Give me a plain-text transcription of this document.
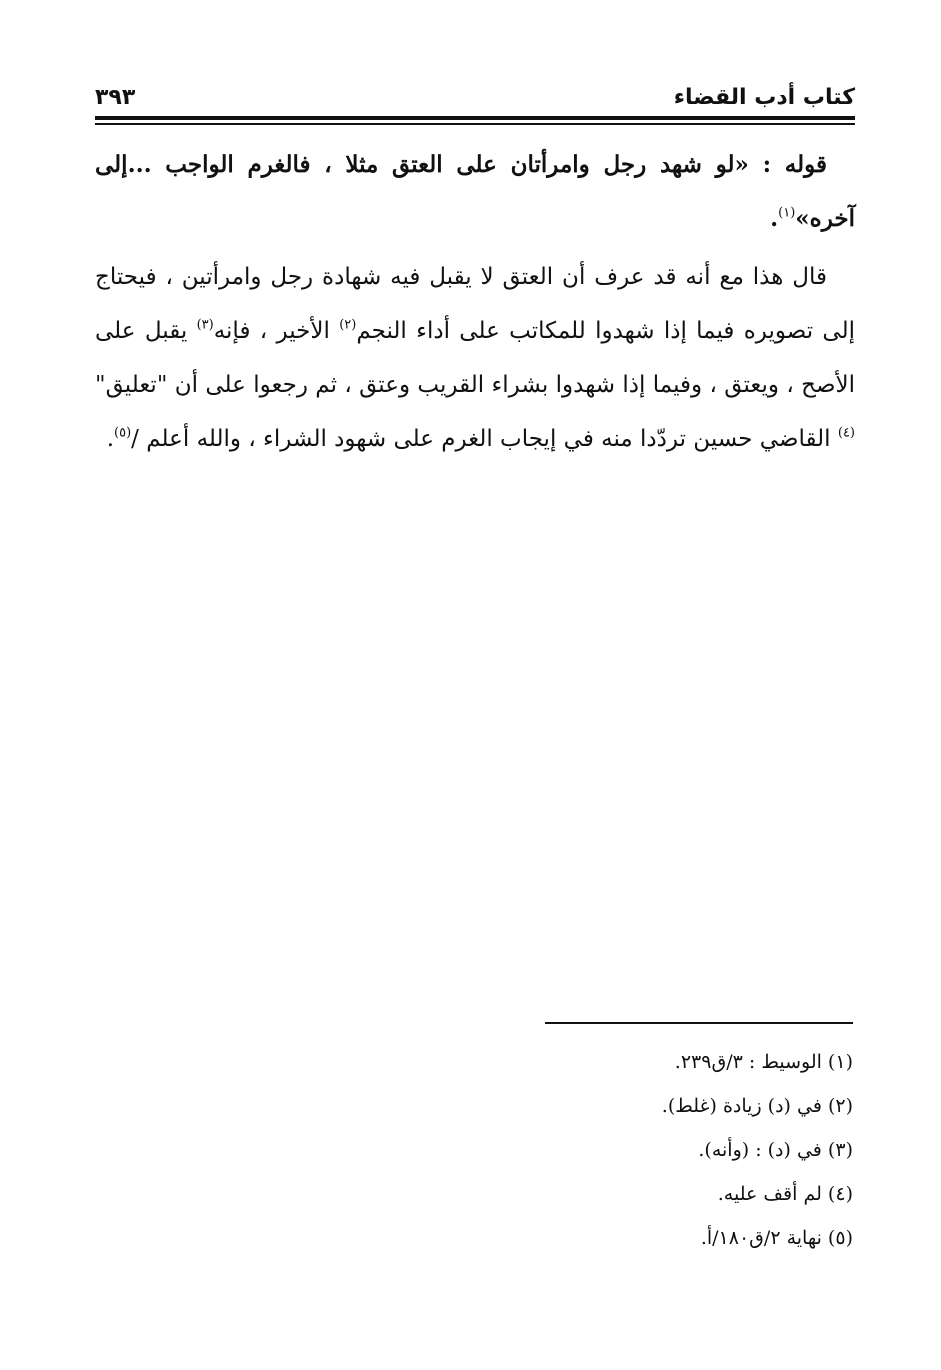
كتاب أدب القضاء
٣٩٣

قوله : «لو شهد رجل وامرأتان على العتق مثلا ، فالغرم الواجب ...إلى آخره»$^{(١)}$.

قال هذا مع أنه قد عرف أن العتق لا يقبل فيه شهادة رجل وامرأتين ، فيحتاج إلى تصويره فيما إذا شهدوا للمكاتب على أداء النجم$^{(٢)}$ الأخير ، فإنه$^{(٣)}$ يقبل على الأصح ، ويعتق ، وفيما إذا شهدوا بشراء القريب وعتق ، ثم رجعوا على أن "تعليق"$^{(٤)}$ القاضي حسين تردّدا منه في إيجاب الغرم على شهود الشراء ، والله أعلم /$^{(٥)}$.

(١) الوسيط : ٣/ق٢٣٩.

(٢) في (د) زيادة (غلط).

(٣) في (د) : (وأنه).

(٤) لم أقف عليه.

(٥) نهاية ٢/ق١٨٠/أ.
